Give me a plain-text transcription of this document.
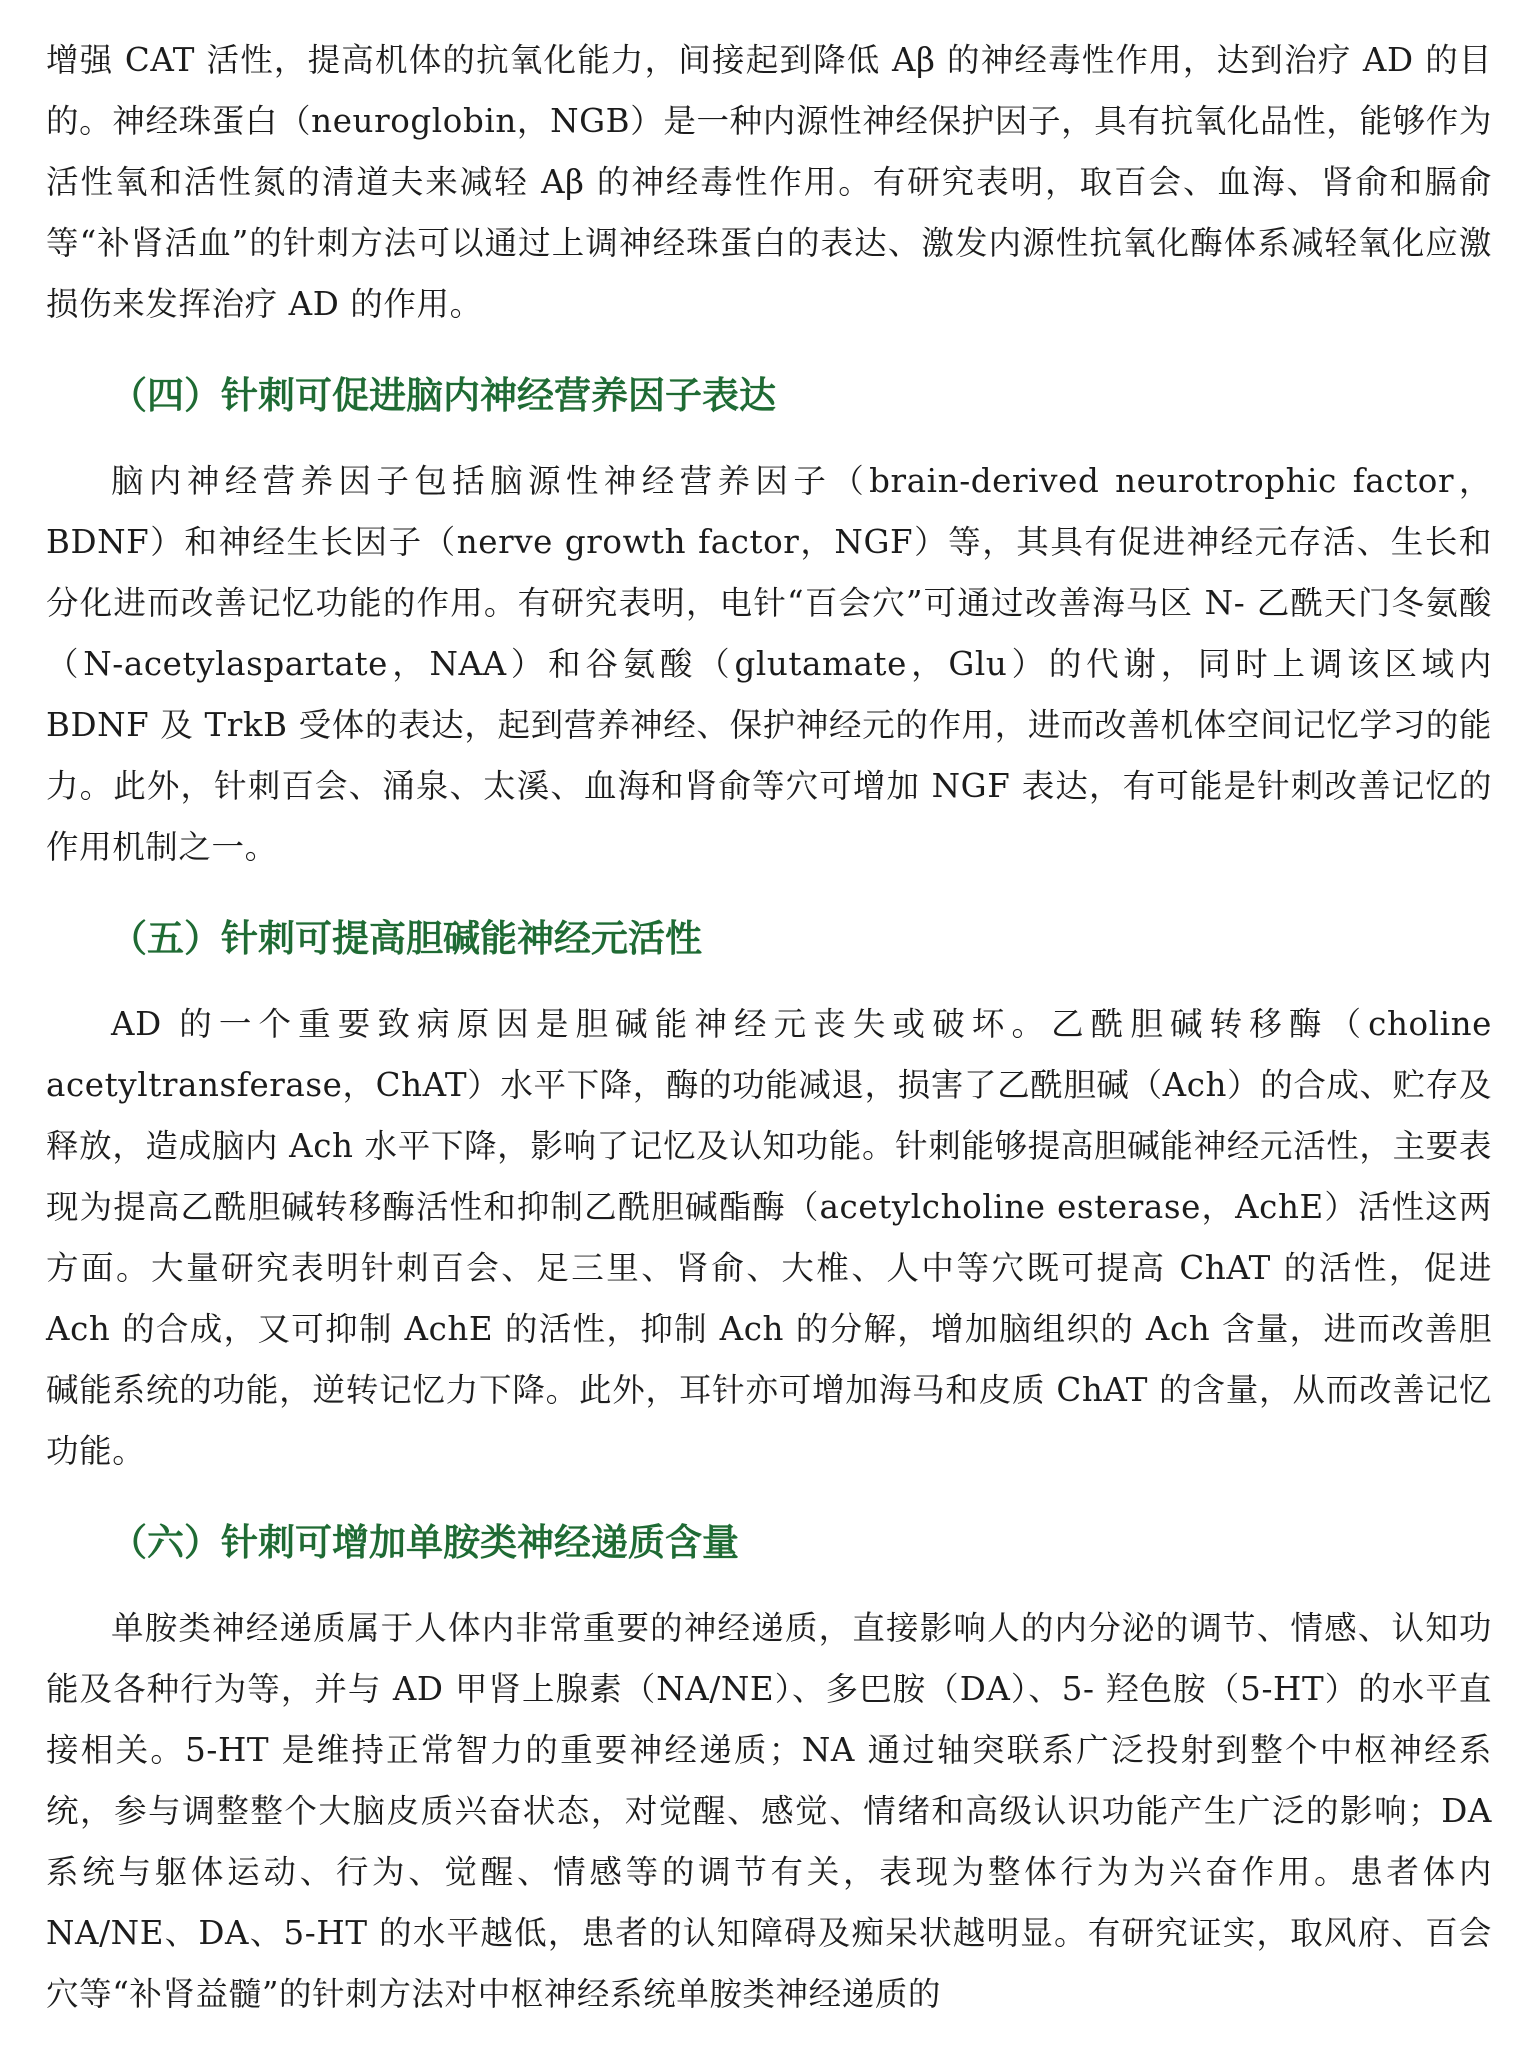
增强 CAT 活性，提高机体的抗氧化能力，间接起到降低 Aβ 的神经毒性作用，达到治疗 AD 的目的。神经珠蛋白（neuroglobin，NGB）是一种内源性神经保护因子，具有抗氧化品性，能够作为活性氧和活性氮的清道夫来减轻 Aβ 的神经毒性作用。有研究表明，取百会、血海、肾俞和膈俞等“补肾活血”的针刺方法可以通过上调神经珠蛋白的表达、激发内源性抗氧化酶体系减轻氧化应激损伤来发挥治疗 AD 的作用。

（四）针刺可促进脑内神经营养因子表达

脑内神经营养因子包括脑源性神经营养因子（brain-derived neurotrophic factor，BDNF）和神经生长因子（nerve growth factor，NGF）等，其具有促进神经元存活、生长和分化进而改善记忆功能的作用。有研究表明，电针“百会穴”可通过改善海马区 N- 乙酰天门冬氨酸（N-acetylaspartate，NAA）和谷氨酸（glutamate，Glu）的代谢，同时上调该区域内 BDNF 及 TrkB 受体的表达，起到营养神经、保护神经元的作用，进而改善机体空间记忆学习的能力。此外，针刺百会、涌泉、太溪、血海和肾俞等穴可增加 NGF 表达，有可能是针刺改善记忆的作用机制之一。

（五）针刺可提高胆碱能神经元活性

AD 的一个重要致病原因是胆碱能神经元丧失或破坏。乙酰胆碱转移酶（choline acetyltransferase，ChAT）水平下降，酶的功能减退，损害了乙酰胆碱（Ach）的合成、贮存及释放，造成脑内 Ach 水平下降，影响了记忆及认知功能。针刺能够提高胆碱能神经元活性，主要表现为提高乙酰胆碱转移酶活性和抑制乙酰胆碱酯酶（acetylcholine esterase，AchE）活性这两方面。大量研究表明针刺百会、足三里、肾俞、大椎、人中等穴既可提高 ChAT 的活性，促进 Ach 的合成，又可抑制 AchE 的活性，抑制 Ach 的分解，增加脑组织的 Ach 含量，进而改善胆碱能系统的功能，逆转记忆力下降。此外，耳针亦可增加海马和皮质 ChAT 的含量，从而改善记忆功能。

（六）针刺可增加单胺类神经递质含量

单胺类神经递质属于人体内非常重要的神经递质，直接影响人的内分泌的调节、情感、认知功能及各种行为等，并与 AD 甲肾上腺素（NA/NE）、多巴胺（DA）、5- 羟色胺（5-HT）的水平直接相关。5-HT 是维持正常智力的重要神经递质；NA 通过轴突联系广泛投射到整个中枢神经系统，参与调整整个大脑皮质兴奋状态，对觉醒、感觉、情绪和高级认识功能产生广泛的影响；DA 系统与躯体运动、行为、觉醒、情感等的调节有关，表现为整体行为为兴奋作用。患者体内 NA/NE、DA、5-HT 的水平越低，患者的认知障碍及痴呆状越明显。有研究证实，取风府、百会穴等“补肾益髓”的针刺方法对中枢神经系统单胺类神经递质的
